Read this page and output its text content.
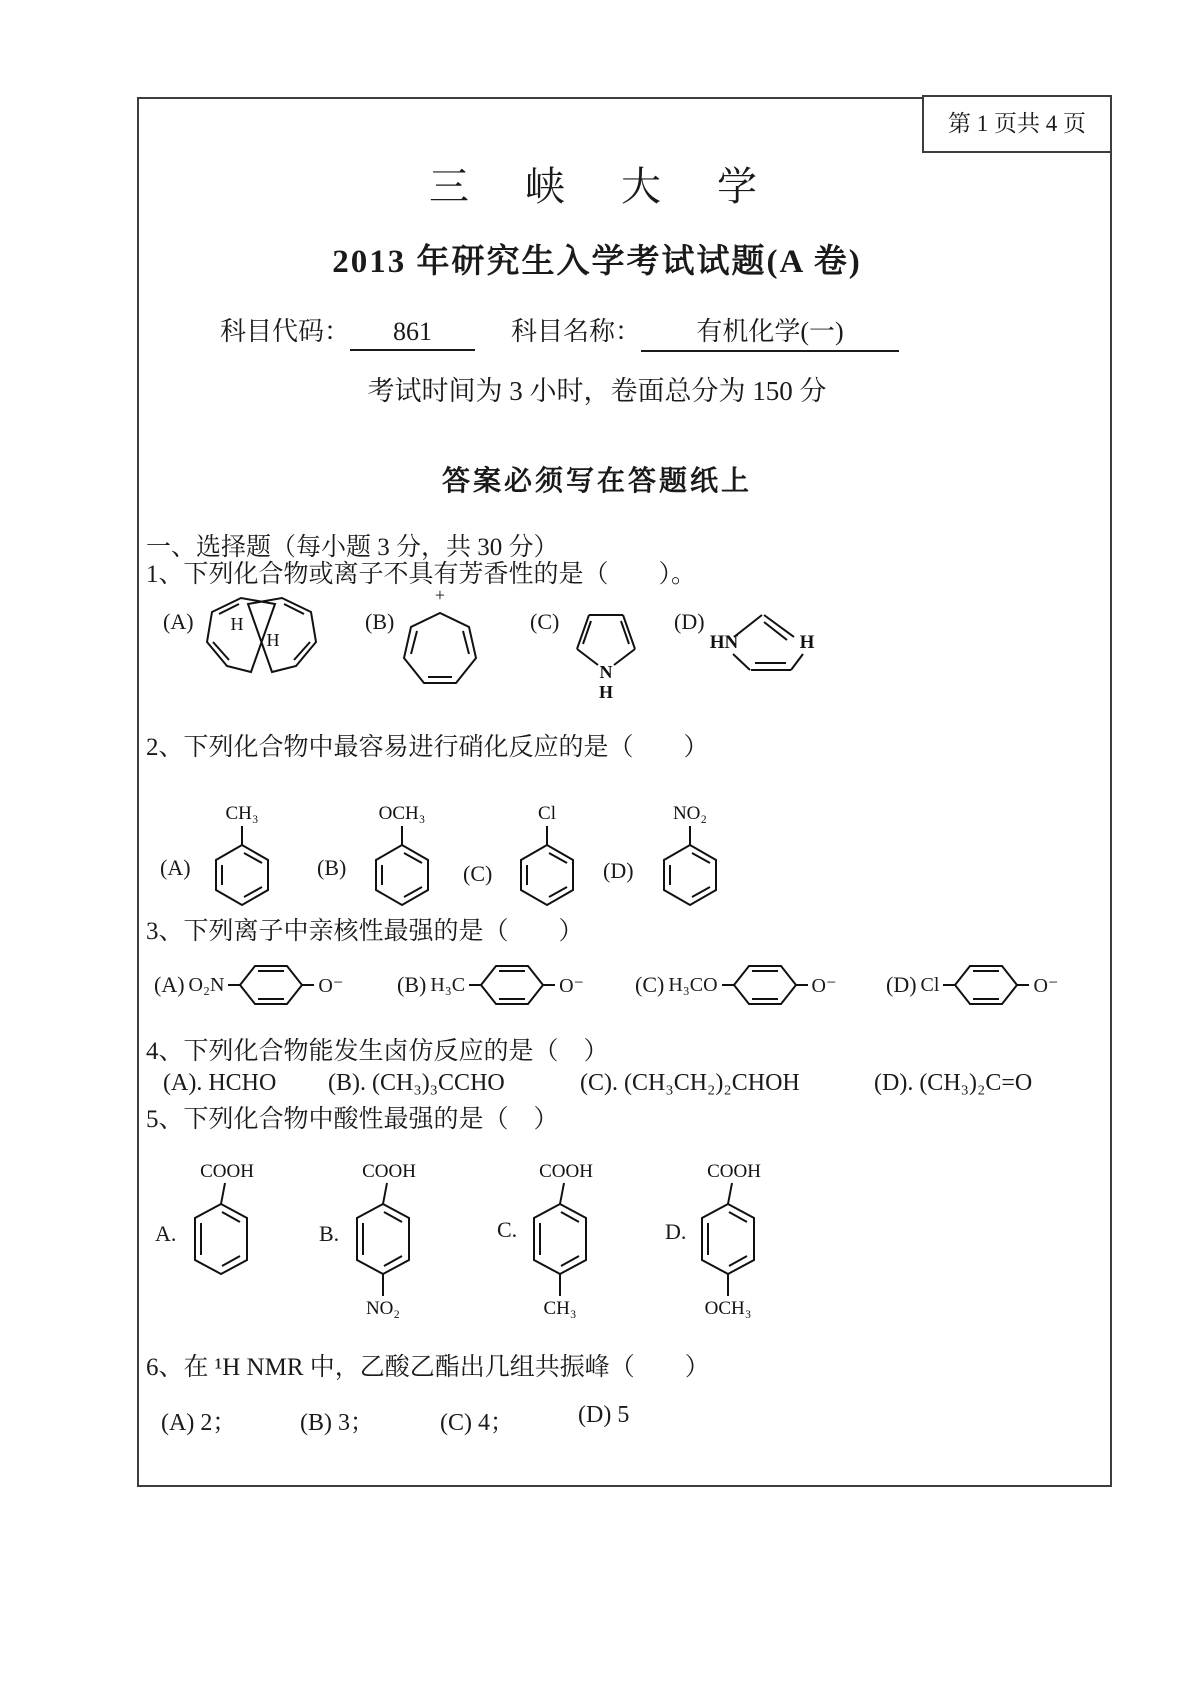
第 1 页共 4 页
三　峡　大　学
2013 年研究生入学考试试题(A 卷)
科目代码： 861	科目名称： 有机化学(一)
考试时间为 3 小时，卷面总分为 150 分
答案必须写在答题纸上
一、选择题（每小题 3 分，共 30 分）
1、下列化合物或离子不具有芳香性的是（　　）。
(A) H
H
(B)
+
(C)
N
H
(D)
HN	H
2、下列化合物中最容易进行硝化反应的是（　　）
CH₃	OCH₃	Cl	NO₂
(A)	(B)	(C)	(D)
3、下列离子中亲核性最强的是（　　）
(A) O₂N	O⁻ (B) H₃C	O⁻ (C) H₃CO	O⁻ (D) Cl	O⁻
4、下列化合物能发生卤仿反应的是（　）
(A). HCHO (B). (CH₃)₃CCHO	(C). (CH₃CH₂)₂CHOH	(D). (CH₃)₂C=O
5、下列化合物中酸性最强的是（　）
A.
COOH
B.
COOH
NO₂
C.
COOH
CH₃
D.
COOH
OCH₃
6、在 ¹H NMR 中，乙酸乙酯出几组共振峰（　　）
(A) 2；	(B) 3；	(C) 4；	(D) 5
